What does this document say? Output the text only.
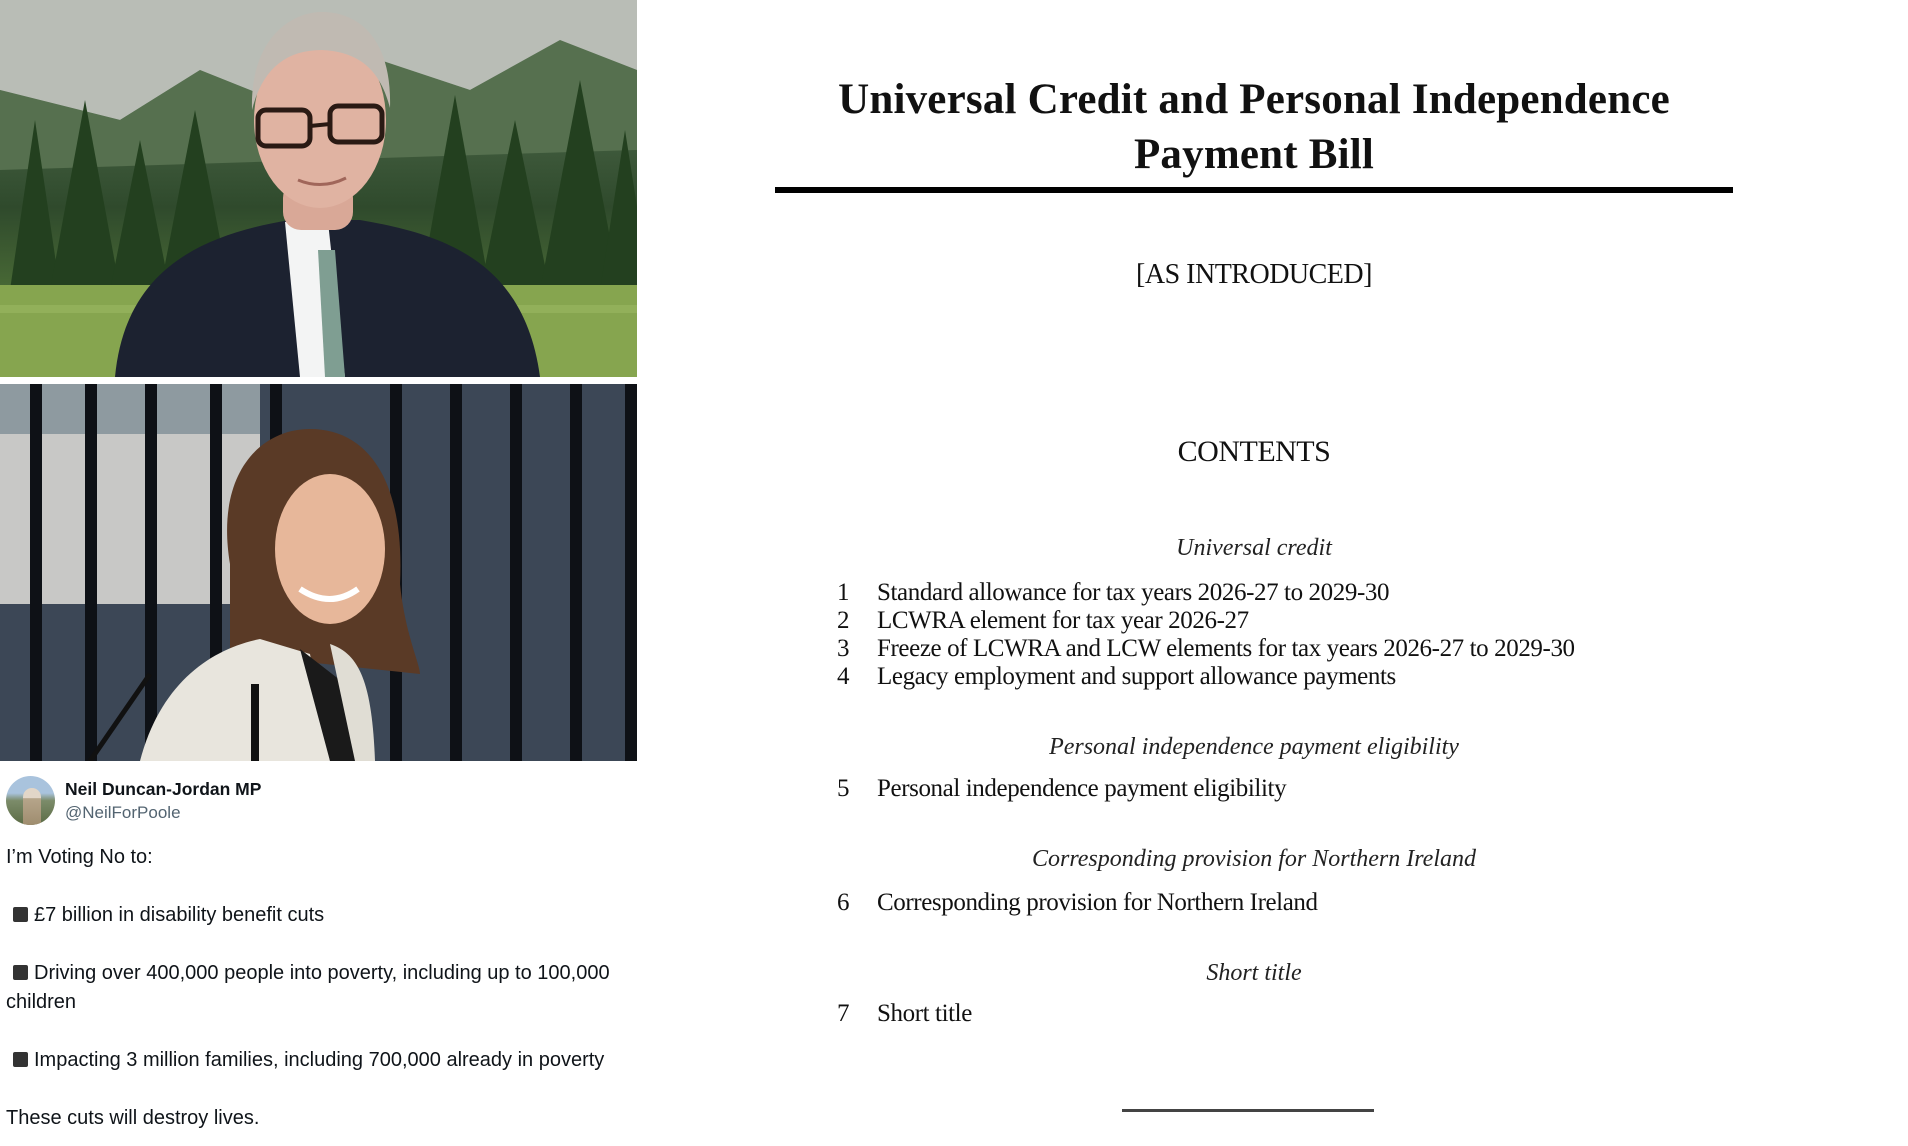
Neil Duncan-Jordan MP
@NeilForPoole

I’m Voting No to:

£7 billion in disability benefit cuts

Driving over 400,000 people into poverty, including up to 100,000 children

Impacting 3 million families, including 700,000 already in poverty

These cuts will destroy lives.

Universal Credit and Personal Independence
Payment Bill
[AS INTRODUCED]
CONTENTS
Universal credit
1 Standard allowance for tax years 2026-27 to 2029-30
2 LCWRA element for tax year 2026-27
3 Freeze of LCWRA and LCW elements for tax years 2026-27 to 2029-30
4 Legacy employment and support allowance payments
Personal independence payment eligibility
5 Personal independence payment eligibility
Corresponding provision for Northern Ireland
6 Corresponding provision for Northern Ireland
Short title
7 Short title
